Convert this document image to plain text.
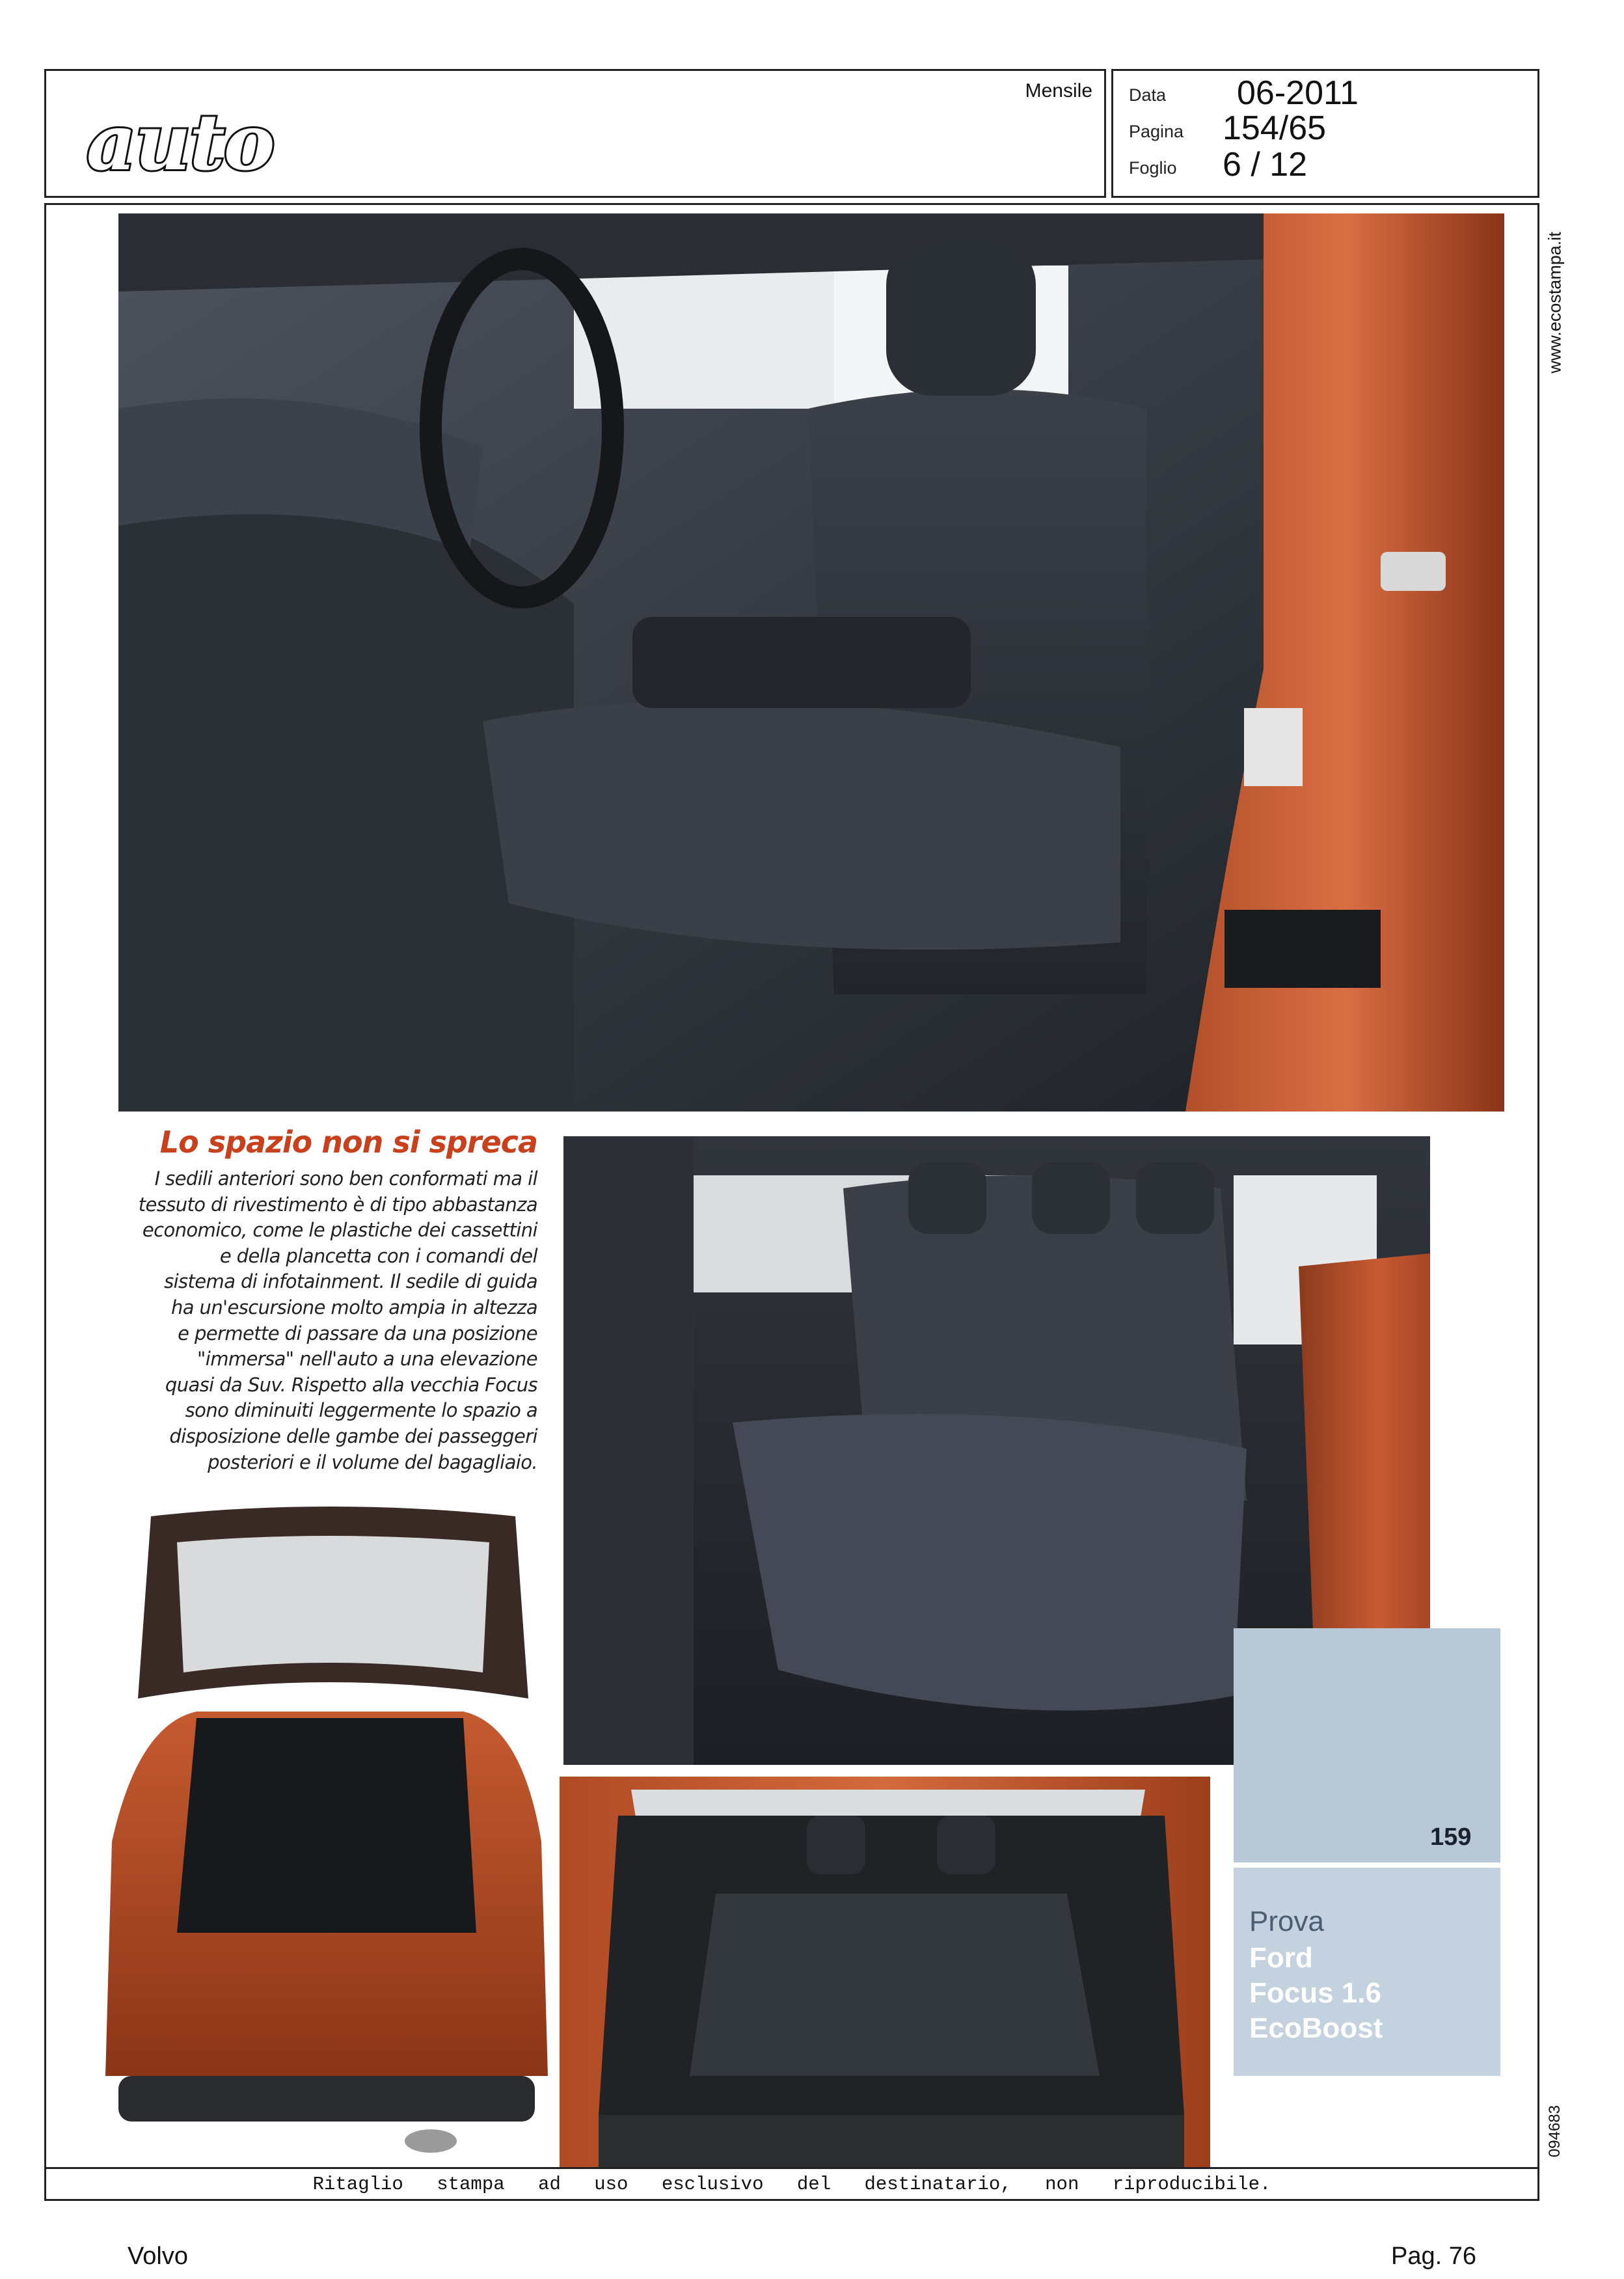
auto
Mensile Data 06-2011
Pagina 154/65
Foglio 6 / 12
www.ecostampa.it
094683
Lo spazio non si spreca
I sedili anteriori sono ben conformati ma il
tessuto di rivestimento è di tipo abbastanza
economico, come le plastiche dei cassettini
e della plancetta con i comandi del
sistema di infotainment. Il sedile di guida
ha un'escursione molto ampia in altezza
e permette di passare da una posizione
"immersa" nell'auto a una elevazione
quasi da Suv. Rispetto alla vecchia Focus
sono diminuiti leggermente lo spazio a
disposizione delle gambe dei passeggeri
posteriori e il volume del bagagliaio.
159
Prova
Ford
Focus 1.6
EcoBoost
Ritaglio stampa ad uso esclusivo del destinatario, non riproducibile.
Volvo	Pag. 76
